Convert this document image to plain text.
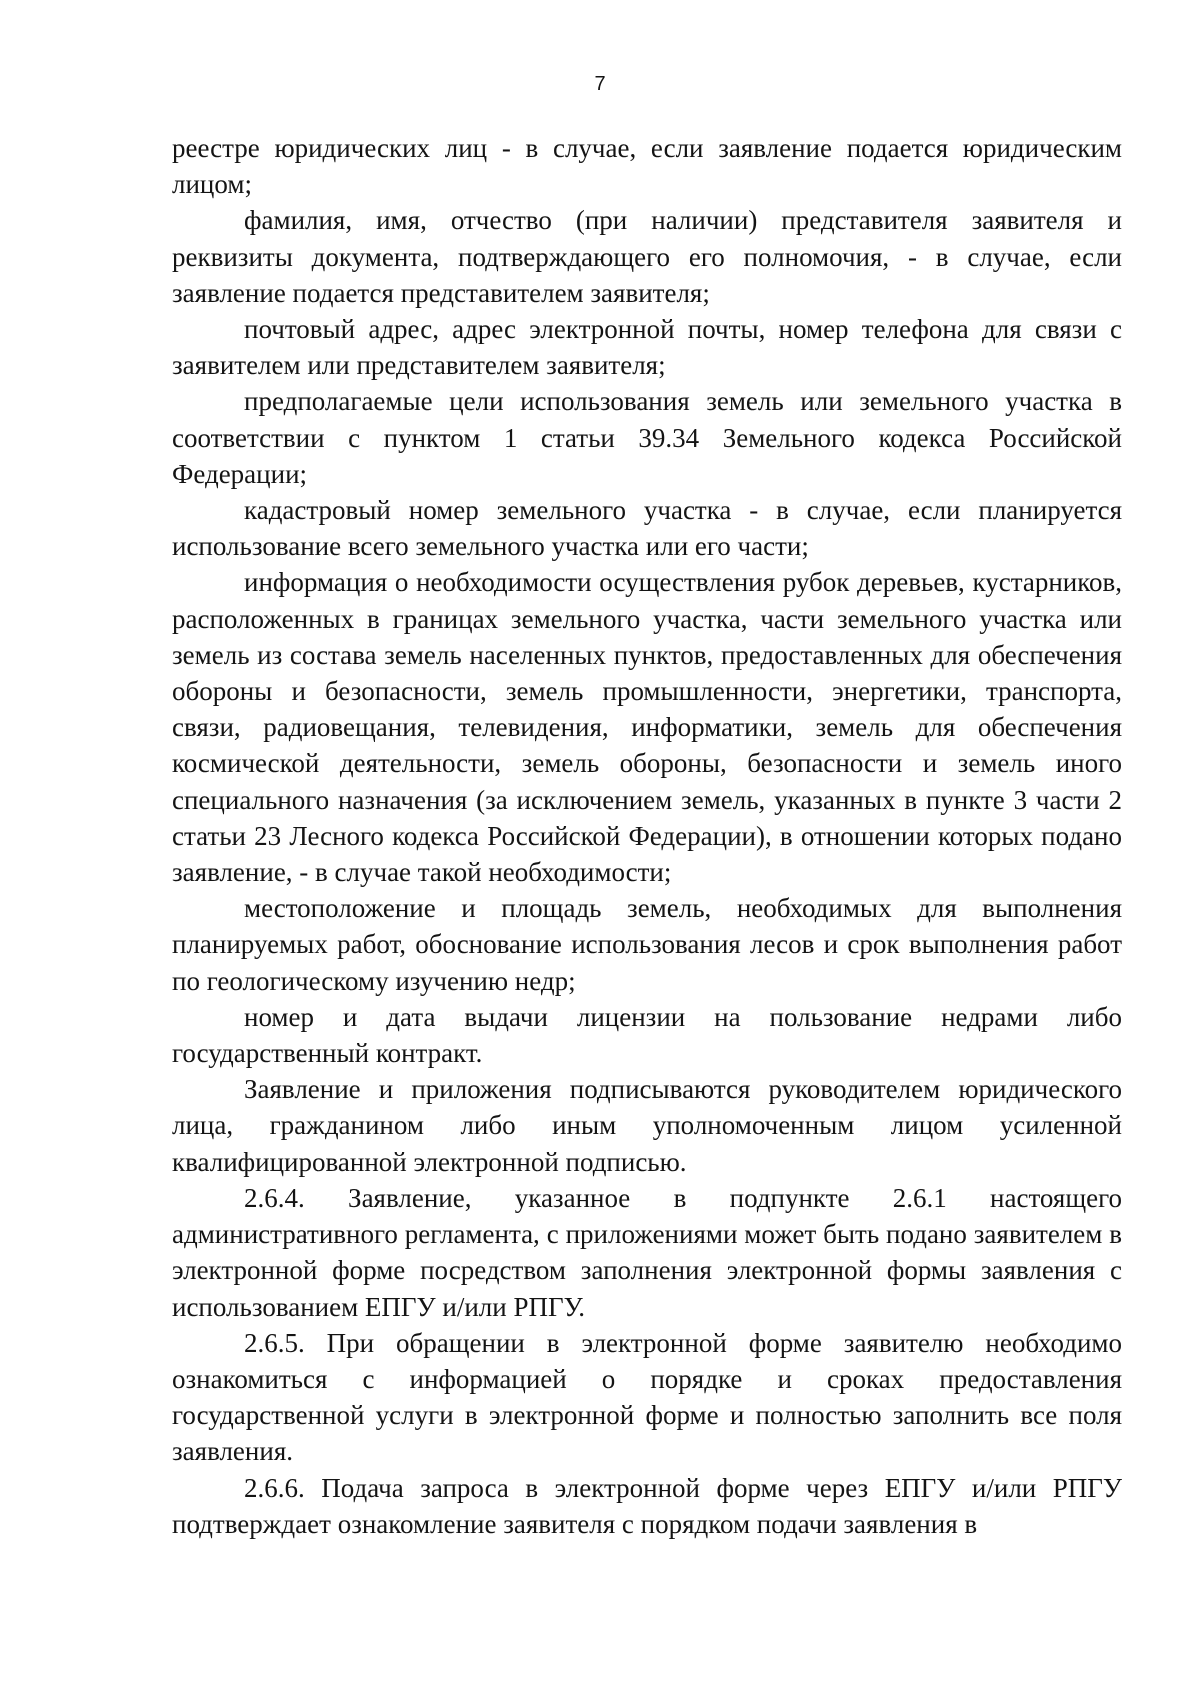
7

реестре юридических лиц - в случае, если заявление подается юридическим лицом;

фамилия, имя, отчество (при наличии) представителя заявителя и реквизиты документа, подтверждающего его полномочия, - в случае, если заявление подается представителем заявителя;

почтовый адрес, адрес электронной почты, номер телефона для связи с заявителем или представителем заявителя;

предполагаемые цели использования земель или земельного участка в соответствии с пунктом 1 статьи 39.34 Земельного кодекса Российской Федерации;

кадастровый номер земельного участка - в случае, если планируется использование всего земельного участка или его части;

информация о необходимости осуществления рубок деревьев, кустарников, расположенных в границах земельного участка, части земельного участка или земель из состава земель населенных пунктов, предоставленных для обеспечения обороны и безопасности, земель промышленности, энергетики, транспорта, связи, радиовещания, телевидения, информатики, земель для обеспечения космической деятельности, земель обороны, безопасности и земель иного специального назначения (за исключением земель, указанных в пункте 3 части 2 статьи 23 Лесного кодекса Российской Федерации), в отношении которых подано заявление, - в случае такой необходимости;

местоположение и площадь земель, необходимых для выполнения планируемых работ, обоснование использования лесов и срок выполнения работ по геологическому изучению недр;

номер и дата выдачи лицензии на пользование недрами либо государственный контракт.

Заявление и приложения подписываются руководителем юридического лица, гражданином либо иным уполномоченным лицом усиленной квалифицированной электронной подписью.

2.6.4. Заявление, указанное в подпункте 2.6.1 настоящего административного регламента, с приложениями может быть подано заявителем в электронной форме посредством заполнения электронной формы заявления с использованием ЕПГУ и/или РПГУ.

2.6.5. При обращении в электронной форме заявителю необходимо ознакомиться с информацией о порядке и сроках предоставления государственной услуги в электронной форме и полностью заполнить все поля заявления.

2.6.6. Подача запроса в электронной форме через ЕПГУ и/или РПГУ подтверждает ознакомление заявителя с порядком подачи заявления в
